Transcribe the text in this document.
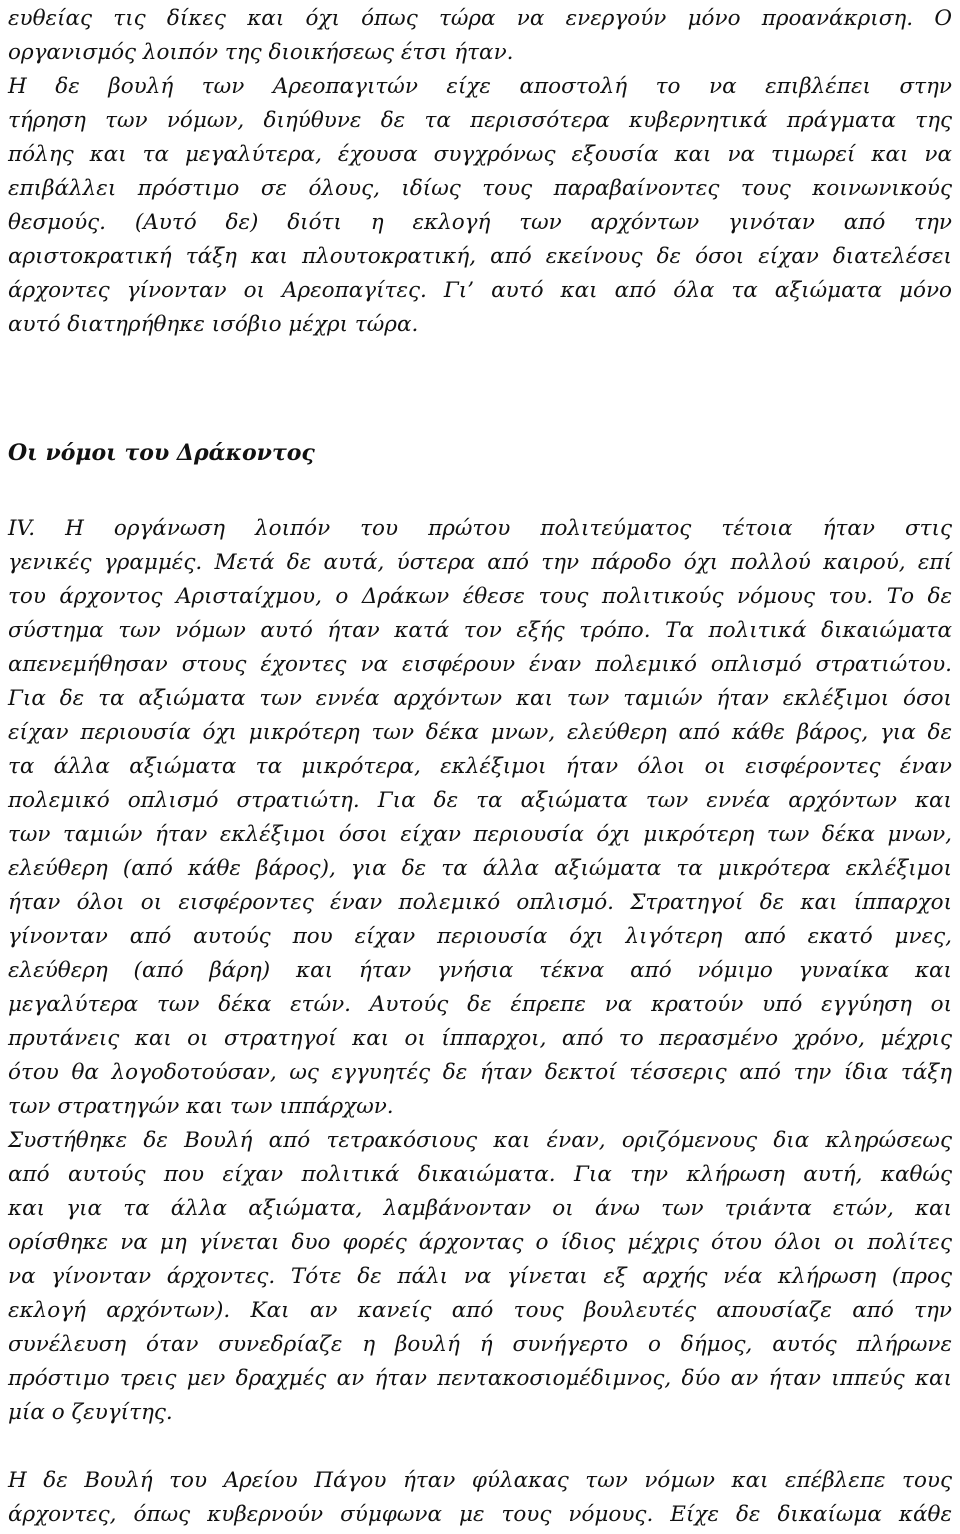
ευθείας τις δίκες και όχι όπως τώρα να ενεργούν μόνο προανάκριση. Ο
οργανισμός λοιπόν της διοικήσεως έτσι ήταν.
Η δε βουλή των Αρεοπαγιτών είχε αποστολή το να επιβλέπει στην
τήρηση των νόμων, διηύθυνε δε τα περισσότερα κυβερνητικά πράγματα της
πόλης και τα μεγαλύτερα, έχουσα συγχρόνως εξουσία και να τιμωρεί και να
επιβάλλει πρόστιμο σε όλους, ιδίως τους παραβαίνοντες τους κοινωνικούς
θεσμούς. (Αυτό δε) διότι η εκλογή των αρχόντων γινόταν από την
αριστοκρατική τάξη και πλουτοκρατική, από εκείνους δε όσοι είχαν διατελέσει
άρχοντες γίνονταν οι Αρεοπαγίτες. Γι’ αυτό και από όλα τα αξιώματα μόνο
αυτό διατηρήθηκε ισόβιο μέχρι τώρα.
Οι νόμοι του Δράκοντος
IV. Η οργάνωση λοιπόν του πρώτου πολιτεύματος τέτοια ήταν στις
γενικές γραμμές. Μετά δε αυτά, ύστερα από την πάροδο όχι πολλού καιρού, επί
του άρχοντος Αρισταίχμου, ο Δράκων έθεσε τους πολιτικούς νόμους του. Το δε
σύστημα των νόμων αυτό ήταν κατά τον εξής τρόπο. Τα πολιτικά δικαιώματα
απενεμήθησαν στους έχοντες να εισφέρουν έναν πολεμικό οπλισμό στρατιώτου.
Για δε τα αξιώματα των εννέα αρχόντων και των ταμιών ήταν εκλέξιμοι όσοι
είχαν περιουσία όχι μικρότερη των δέκα μνων, ελεύθερη από κάθε βάρος, για δε
τα άλλα αξιώματα τα μικρότερα, εκλέξιμοι ήταν όλοι οι εισφέροντες έναν
πολεμικό οπλισμό στρατιώτη. Για δε τα αξιώματα των εννέα αρχόντων και
των ταμιών ήταν εκλέξιμοι όσοι είχαν περιουσία όχι μικρότερη των δέκα μνων,
ελεύθερη (από κάθε βάρος), για δε τα άλλα αξιώματα τα μικρότερα εκλέξιμοι
ήταν όλοι οι εισφέροντες έναν πολεμικό οπλισμό. Στρατηγοί δε και ίππαρχοι
γίνονταν από αυτούς που είχαν περιουσία όχι λιγότερη από εκατό μνες,
ελεύθερη (από βάρη) και ήταν γνήσια τέκνα από νόμιμο γυναίκα και
μεγαλύτερα των δέκα ετών. Αυτούς δε έπρεπε να κρατούν υπό εγγύηση οι
πρυτάνεις και οι στρατηγοί και οι ίππαρχοι, από το περασμένο χρόνο, μέχρις
ότου θα λογοδοτούσαν, ως εγγυητές δε ήταν δεκτοί τέσσερις από την ίδια τάξη
των στρατηγών και των ιππάρχων.
Συστήθηκε δε Βουλή από τετρακόσιους και έναν, οριζόμενους δια κληρώσεως
από αυτούς που είχαν πολιτικά δικαιώματα. Για την κλήρωση αυτή, καθώς
και για τα άλλα αξιώματα, λαμβάνονταν οι άνω των τριάντα ετών, και
ορίσθηκε να μη γίνεται δυο φορές άρχοντας ο ίδιος μέχρις ότου όλοι οι πολίτες
να γίνονταν άρχοντες. Τότε δε πάλι να γίνεται εξ αρχής νέα κλήρωση (προς
εκλογή αρχόντων). Και αν κανείς από τους βουλευτές απουσίαζε από την
συνέλευση όταν συνεδρίαζε η βουλή ή συνήγερτο ο δήμος, αυτός πλήρωνε
πρόστιμο τρεις μεν δραχμές αν ήταν πεντακοσιομέδιμνος, δύο αν ήταν ιππεύς και
μία ο ζευγίτης.
Η δε Βουλή του Αρείου Πάγου ήταν φύλακας των νόμων και επέβλεπε τους
άρχοντες, όπως κυβερνούν σύμφωνα με τους νόμους. Είχε δε δικαίωμα κάθε
